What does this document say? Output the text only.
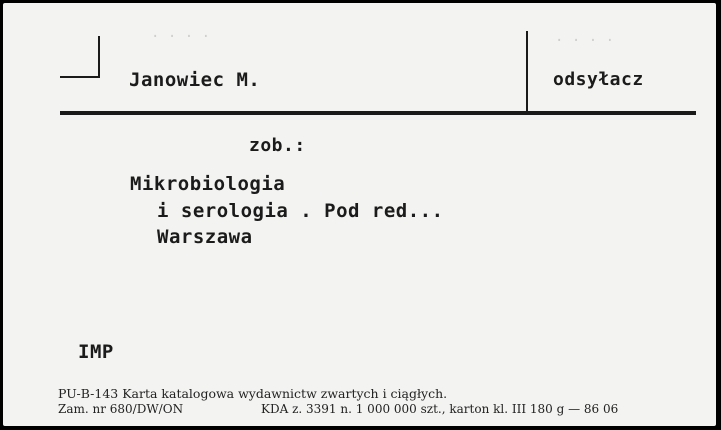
· · · ·	· · · ·
Janowiec M.	odsyłacz
zob.:
Mikrobiologia
i serologia . Pod red...
Warszawa
IMP
PU-B-143 Karta katalogowa wydawnictw zwartych i ciągłych.
Zam. nr 680/DW/ON	KDA z. 3391 n. 1 000 000 szt., karton kl. III 180 g — 86 06
